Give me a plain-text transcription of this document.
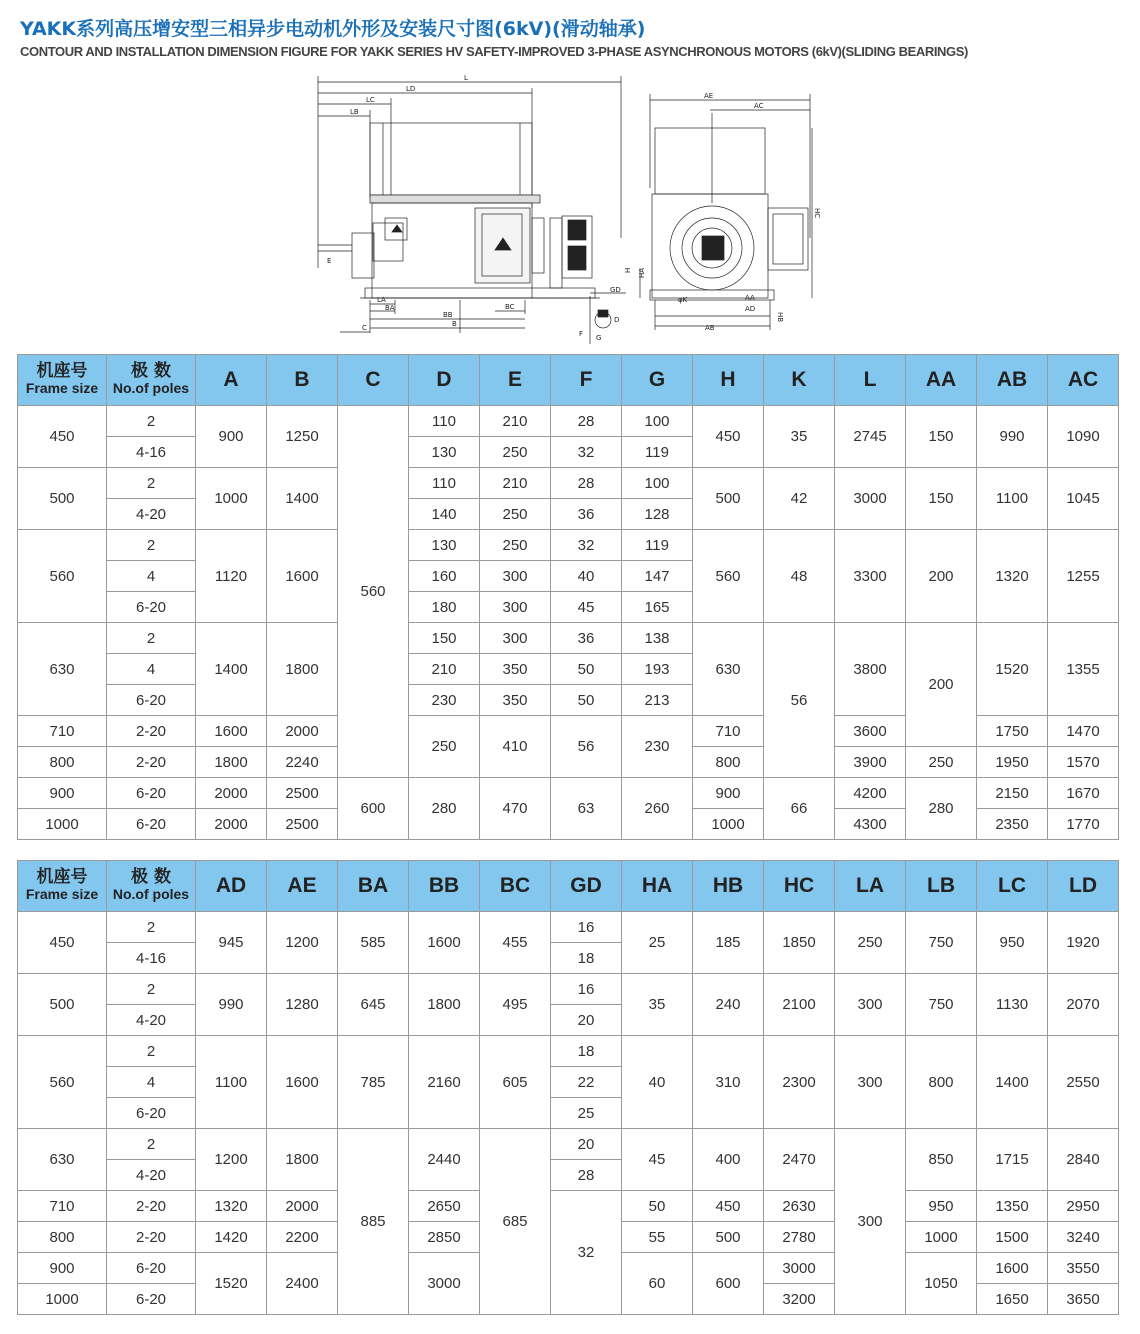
YAKK系列高压增安型三相异步电动机外形及安装尺寸图(6kV)(滑动轴承)
CONTOUR AND INSTALLATION DIMENSION FIGURE FOR YAKK SERIES HV SAFETY-IMPROVED 3-PHASE ASYNCHRONOUS MOTORS (6kV)(SLIDING BEARINGS)
L
LD
LC
LB
E
LA
BA	BC
BB
B
C
GD
D
F G
AE
AC
HC
H HA
φK	AA
AD
AB
HB
机座号
Frame size	极 数
No.of poles	A	B	C	D	E	F	G	H	K	L	AA	AB	AC
450	2	900	1250	560	110	210	28	100	450	35	2745	150	990	1090
	4-16				130	250	32	119						
500	2	1000	1400		110	210	28	100	500	42	3000	150	1100	1045
	4-20				140	250	36	128						
560	2	1120	1600		130	250	32	119	560	48	3300	200	1320	1255
	4				160	300	40	147						
	6-20				180	300	45	165						
630	2	1400	1800		150	300	36	138	630	56	3800	200	1520	1355
	4				210	350	50	193						
	6-20				230	350	50	213						
710	2-20	1600	2000		250	410	56	230	710		3600		1750	1470
800	2-20	1800	2240						800		3900	250	1950	1570
900	6-20	2000	2500	600	280	470	63	260	900	66	4200	280	2150	1670
1000	6-20	2000	2500						1000		4300		2350	1770
机座号
Frame size	极 数
No.of poles	AD	AE	BA	BB	BC	GD	HA	HB	HC	LA	LB	LC	LD
450	2	945	1200	585	1600	455	16	25	185	1850	250	750	950	1920
	4-16						18							
500	2	990	1280	645	1800	495	16	35	240	2100	300	750	1130	2070
	4-20						20							
560	2	1100	1600	785	2160	605	18	40	310	2300	300	800	1400	2550
	4						22							
	6-20						25							
630	2	1200	1800	885	2440	685	20	45	400	2470	300	850	1715	2840
	4-20						28							
710	2-20	1320	2000		2650		32	50	450	2630		950	1350	2950
800	2-20	1420	2200		2850			55	500	2780		1000	1500	3240
900	6-20	1520	2400		3000			60	600	3000		1050	1600	3550
1000	6-20									3200			1650	3650
